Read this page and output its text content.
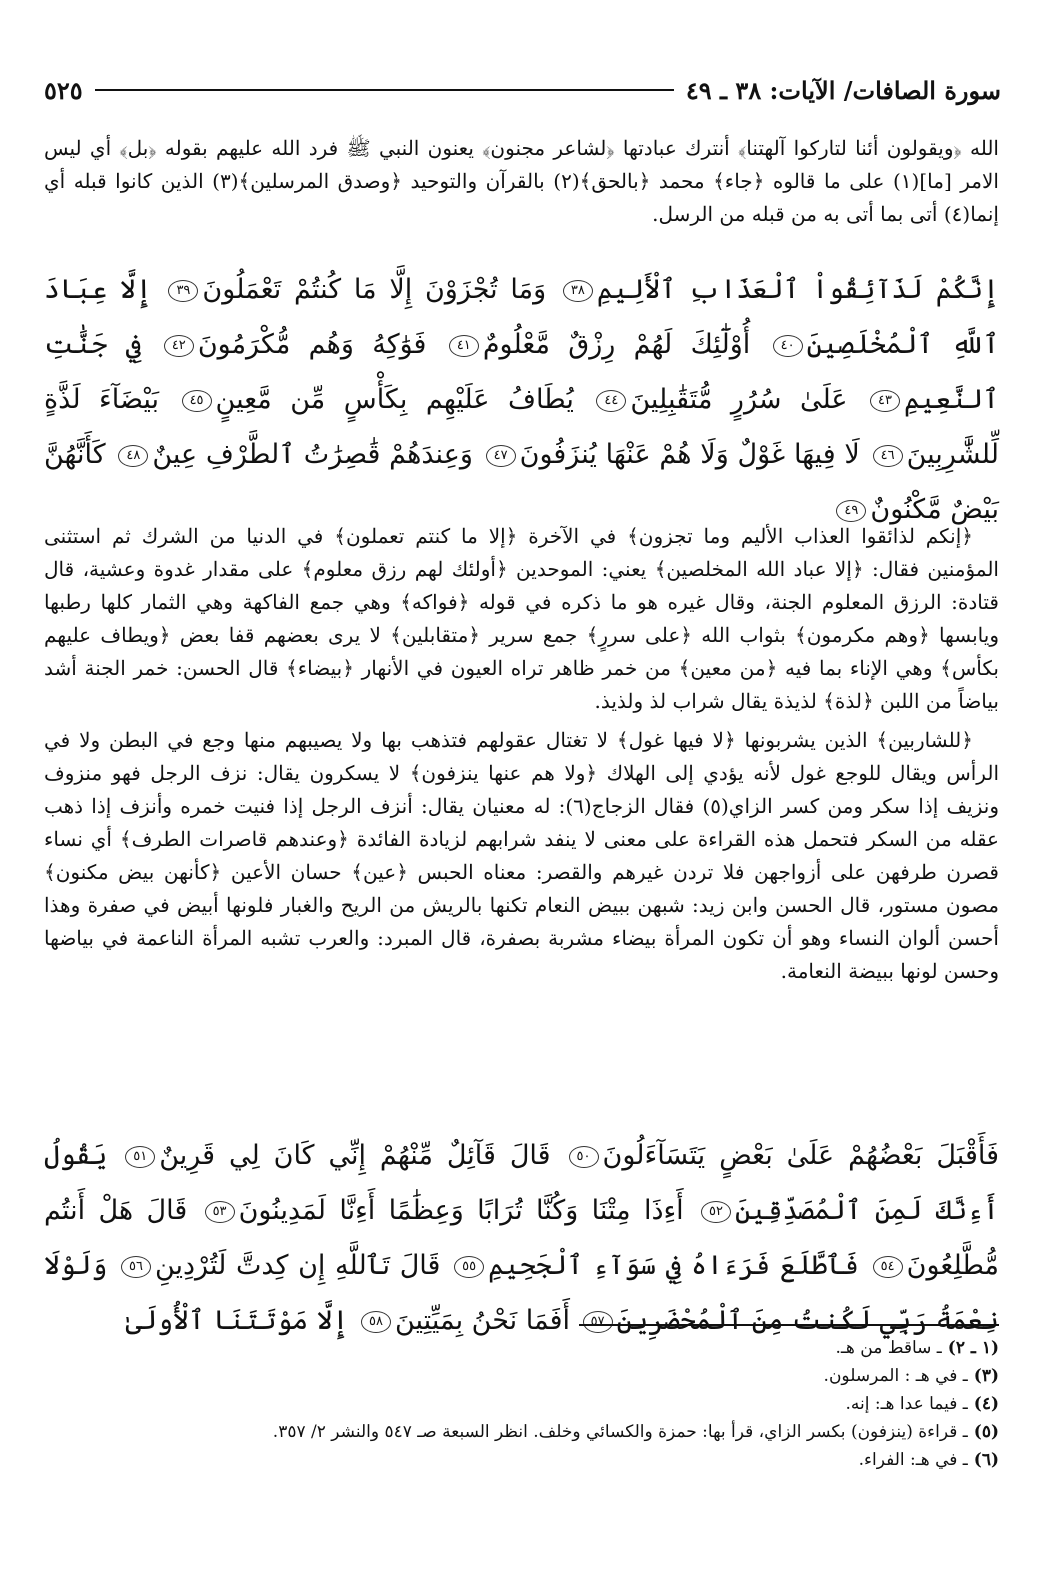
سورة الصافات/ الآيات: ٣٨ ـ ٤٩
٥٢٥

الله ﴿ويقولون أئنا لتاركوا آلهتنا﴾ أنترك عبادتها ﴿لشاعر مجنون﴾ يعنون النبي ﷺ فرد الله عليهم بقوله ﴿بل﴾ أي ليس الامر [ما](١) على ما قالوه ﴿جاء﴾ محمد ﴿بالحق﴾(٢) بالقرآن والتوحيد ﴿وصدق المرسلين﴾(٣) الذين كانوا قبله أي إنما(٤) أتى بما أتى به من قبله من الرسل.

إِنَّكُمْ لَذَآئِقُواْ ٱلْعَذَابِ ٱلْأَلِيمِ٣٨ وَمَا تُجْزَوْنَ إِلَّا مَا كُنتُمْ تَعْمَلُونَ٣٩ إِلَّا عِبَادَ ٱللَّهِ ٱلْمُخْلَصِينَ٤٠ أُوْلَٰٓئِكَ لَهُمْ رِزْقٌ مَّعْلُومٌ٤١ فَوَٰكِهُ وَهُم مُّكْرَمُونَ٤٢ فِي جَنَّٰتِ ٱلنَّعِيمِ٤٣ عَلَىٰ سُرُرٍ مُّتَقَٰبِلِينَ٤٤ يُطَافُ عَلَيْهِم بِكَأْسٍ مِّن مَّعِينٍ٤٥ بَيْضَآءَ لَذَّةٍ لِّلشَّٰرِبِينَ٤٦ لَا فِيهَا غَوْلٌ وَلَا هُمْ عَنْهَا يُنزَفُونَ٤٧ وَعِندَهُمْ قَٰصِرَٰتُ ٱلطَّرْفِ عِينٌ٤٨ كَأَنَّهُنَّ بَيْضٌ مَّكْنُونٌ٤٩

﴿إنكم لذائقوا العذاب الأليم وما تجزون﴾ في الآخرة ﴿إلا ما كنتم تعملون﴾ في الدنيا من الشرك ثم استثنى المؤمنين فقال: ﴿إلا عباد الله المخلصين﴾ يعني: الموحدين ﴿أولئك لهم رزق معلوم﴾ على مقدار غدوة وعشية، قال قتادة: الرزق المعلوم الجنة، وقال غيره هو ما ذكره في قوله ﴿فواكه﴾ وهي جمع الفاكهة وهي الثمار كلها رطبها ويابسها ﴿وهم مكرمون﴾ بثواب الله ﴿على سررٍ﴾ جمع سرير ﴿متقابلين﴾ لا يرى بعضهم قفا بعض ﴿ويطاف عليهم بكأس﴾ وهي الإناء بما فيه ﴿من معين﴾ من خمر ظاهر تراه العيون في الأنهار ﴿بيضاء﴾ قال الحسن: خمر الجنة أشد بياضاً من اللبن ﴿لذة﴾ لذيذة يقال شراب لذ ولذيذ.

﴿للشاربين﴾ الذين يشربونها ﴿لا فيها غول﴾ لا تغتال عقولهم فتذهب بها ولا يصيبهم منها وجع في البطن ولا في الرأس ويقال للوجع غول لأنه يؤدي إلى الهلاك ﴿ولا هم عنها ينزفون﴾ لا يسكرون يقال: نزف الرجل فهو منزوف ونزيف إذا سكر ومن كسر الزاي(٥) فقال الزجاج(٦): له معنيان يقال: أنزف الرجل إذا فنيت خمره وأنزف إذا ذهب عقله من السكر فتحمل هذه القراءة على معنى لا ينفد شرابهم لزيادة الفائدة ﴿وعندهم قاصرات الطرف﴾ أي نساء قصرن طرفهن على أزواجهن فلا تردن غيرهم والقصر: معناه الحبس ﴿عين﴾ حسان الأعين ﴿كأنهن بيض مكنون﴾ مصون مستور، قال الحسن وابن زيد: شبهن ببيض النعام تكنها بالريش من الريح والغبار فلونها أبيض في صفرة وهذا أحسن ألوان النساء وهو أن تكون المرأة بيضاء مشربة بصفرة، قال المبرد: والعرب تشبه المرأة الناعمة في بياضها وحسن لونها ببيضة النعامة.

فَأَقْبَلَ بَعْضُهُمْ عَلَىٰ بَعْضٍ يَتَسَآءَلُونَ٥٠ قَالَ قَآئِلٌ مِّنْهُمْ إِنِّي كَانَ لِي قَرِينٌ٥١ يَقُولُ أَءِنَّكَ لَمِنَ ٱلْمُصَدِّقِينَ٥٢ أَءِذَا مِتْنَا وَكُنَّا تُرَابًا وَعِظَٰمًا أَءِنَّا لَمَدِينُونَ٥٣ قَالَ هَلْ أَنتُم مُّطَّلِعُونَ٥٤ فَٱطَّلَعَ فَرَءَاهُ فِي سَوَآءِ ٱلْجَحِيمِ٥٥ قَالَ تَٱللَّهِ إِن كِدتَّ لَتُرْدِينِ٥٦ وَلَوْلَا نِعْمَةُ رَبِّي لَكُنتُ مِنَ ٱلْمُحْضَرِينَ٥٧ أَفَمَا نَحْنُ بِمَيِّتِينَ٥٨ إِلَّا مَوْتَتَنَا ٱلْأُولَىٰ

(١ ـ ٢)ـ ساقط من هـ.

(٣)ـ في هـ : المرسلون.

(٤)ـ فيما عدا هـ: إنه.

(٥)ـ قراءة (ينزفون) بكسر الزاي، قرأ بها: حمزة والكسائي وخلف. انظر السبعة صـ ٥٤٧ والنشر ٢/ ٣٥٧.

(٦)ـ في هـ: الفراء.
